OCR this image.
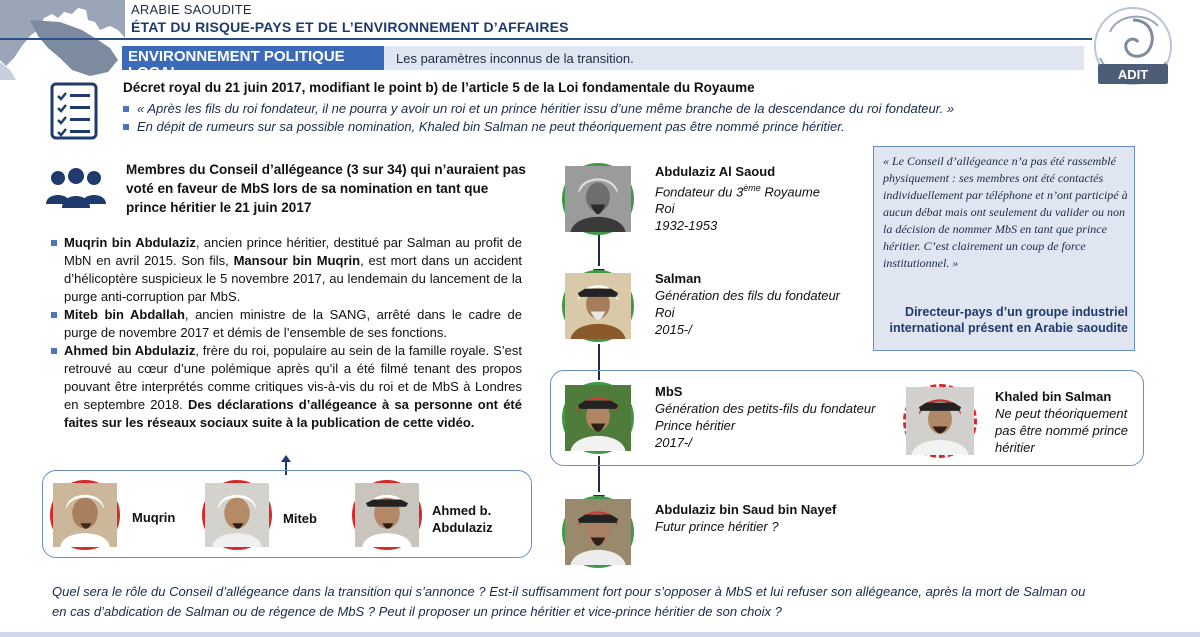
ARABIE SAOUDITE
ÉTAT DU RISQUE-PAYS ET DE L’ENVIRONNEMENT D’AFFAIRES
ENVIRONNEMENT POLITIQUE LOCAL
Les paramètres inconnus de la transition.
ADIT
Décret royal du 21 juin 2017, modifiant le point b) de l’article 5 de la Loi fondamentale du Royaume
« Après les fils du roi fondateur, il ne pourra y avoir un roi et un prince héritier issu d’une même branche de la descendance du roi fondateur. »
En dépit de rumeurs sur sa possible nomination, Khaled bin Salman ne peut théoriquement pas être nommé prince héritier.
Membres du Conseil d’allégeance (3 sur 34) qui n’auraient pas voté en faveur de MbS lors de sa nomination en tant que prince héritier le 21 juin 2017
Muqrin bin Abdulaziz, ancien prince héritier, destitué par Salman au profit de MbN en avril 2015. Son fils, Mansour bin Muqrin, est mort dans un accident d’hélicoptère suspicieux le 5 novembre 2017, au lendemain du lancement de la purge anti-corruption par MbS.
Miteb bin Abdallah, ancien ministre de la SANG, arrêté dans le cadre de purge de novembre 2017 et démis de l’ensemble de ses fonctions.
Ahmed bin Abdulaziz, frère du roi, populaire au sein de la famille royale. S’est retrouvé au cœur d’une polémique après qu’il a été filmé tenant des propos pouvant être interprétés comme critiques vis-à-vis du roi et de MbS à Londres en septembre 2018. Des déclarations d’allégeance à sa personne ont été faites sur les réseaux sociaux suite à la publication de cette vidéo.
Muqrin	Miteb
Ahmed b.
Abdulaziz
Abdulaziz Al Saoud
Fondateur du 3ème Royaume
Roi
1932-1953
Salman
Génération des fils du fondateur
Roi
2015-/
MbS
Génération des petits-fils du fondateur
Prince héritier
2017-/
Khaled bin Salman
Ne peut théoriquement
pas être nommé prince
héritier
Abdulaziz bin Saud bin Nayef
Futur prince héritier ?
« Le Conseil d’allégeance n’a pas été rassemblé physiquement : ses membres ont été contactés individuellement par téléphone et n’ont participé à aucun débat mais ont seulement du valider ou non la décision de nommer MbS en tant que prince héritier. C’est clairement un coup de force institutionnel. »
Directeur-pays d’un groupe industriel international présent en Arabie saoudite
Quel sera le rôle du Conseil d’allégeance dans la transition qui s’annonce ? Est-il suffisamment fort pour s’opposer à MbS et lui refuser son allégeance, après la mort de Salman ou en cas d’abdication de Salman ou de régence de MbS ? Peut il proposer un prince héritier et vice-prince héritier de son choix ?
